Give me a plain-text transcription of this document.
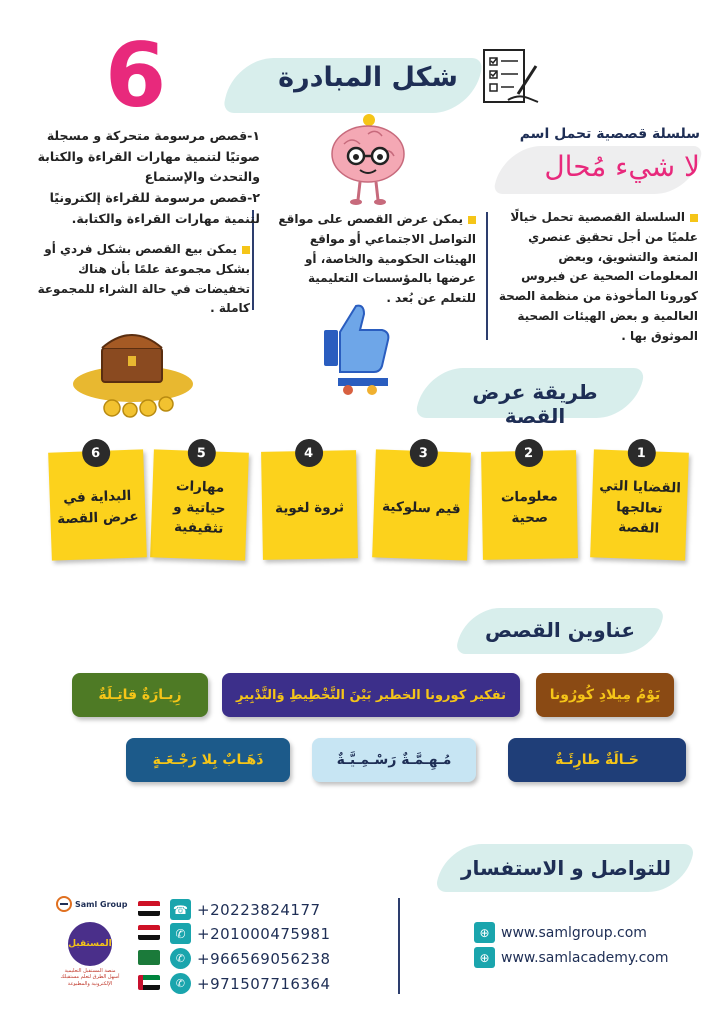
شكل المبادرة
6
سلسلة قصصية تحمل اسم
لا شيء مُحال
السلسلة القصصية تحمل خيالًا علميًا من أجل تحقيق عنصري المتعة والتشويق، وبعض المعلومات الصحية عن فيروس كورونا المأخوذة من منظمة الصحة العالمية و بعض الهيئات الصحية الموثوق بها .
يمكن عرض القصص على مواقع التواصل الاجتماعي أو مواقع الهيئات الحكومية والخاصة، أو عرضها بالمؤسسات التعليمية للتعلم عن بُعد .
١-قصص مرسومة متحركة و مسجلة صوتيًا لتنمية مهارات القراءة والكتابة والتحدث والإستماع
٢-قصص مرسومة للقراءة إلكترونيًا لتنمية مهارات القراءة والكتابة.
يمكن بيع القصص بشكل فردي أو بشكل مجموعة علمًا بأن هناك تخفيضات في حالة الشراء للمجموعة كاملة .
طريقة عرض القصة
1
القضايا التي تعالجها القصة
2
معلومات صحية
3
قيم سلوكية
4
ثروة لغوية
5
مهارات حياتية و تثقيفية
6
البداية في عرض القصة
عناوين القصص
يَوْمُ مِيلادِ كُورُونا
تفكير كورونا الخطير بَيْنَ التَّخْطِيطِ وَالتَّدْبِيرِ
زِيـارَةٌ قاتِـلَةٌ
حَـالَةٌ طارِئَـةٌ
مُـهِـمَّـةٌ رَسْـمِـيَّـةٌ
ذَهَـابٌ بِلا رَجْـعَـةٍ
للتواصل و الاستفسار
Saml Group
المستقبل
منصة المستقبل التعليمية أسهل الطرق لتعلم مستقبلك الإلكترونية والمطبوعة
☎ +20223824177
✆ +201000475981
✆ +966569056238
✆ +971507716364
⊕ www.samlgroup.com
⊕ www.samlacademy.com
